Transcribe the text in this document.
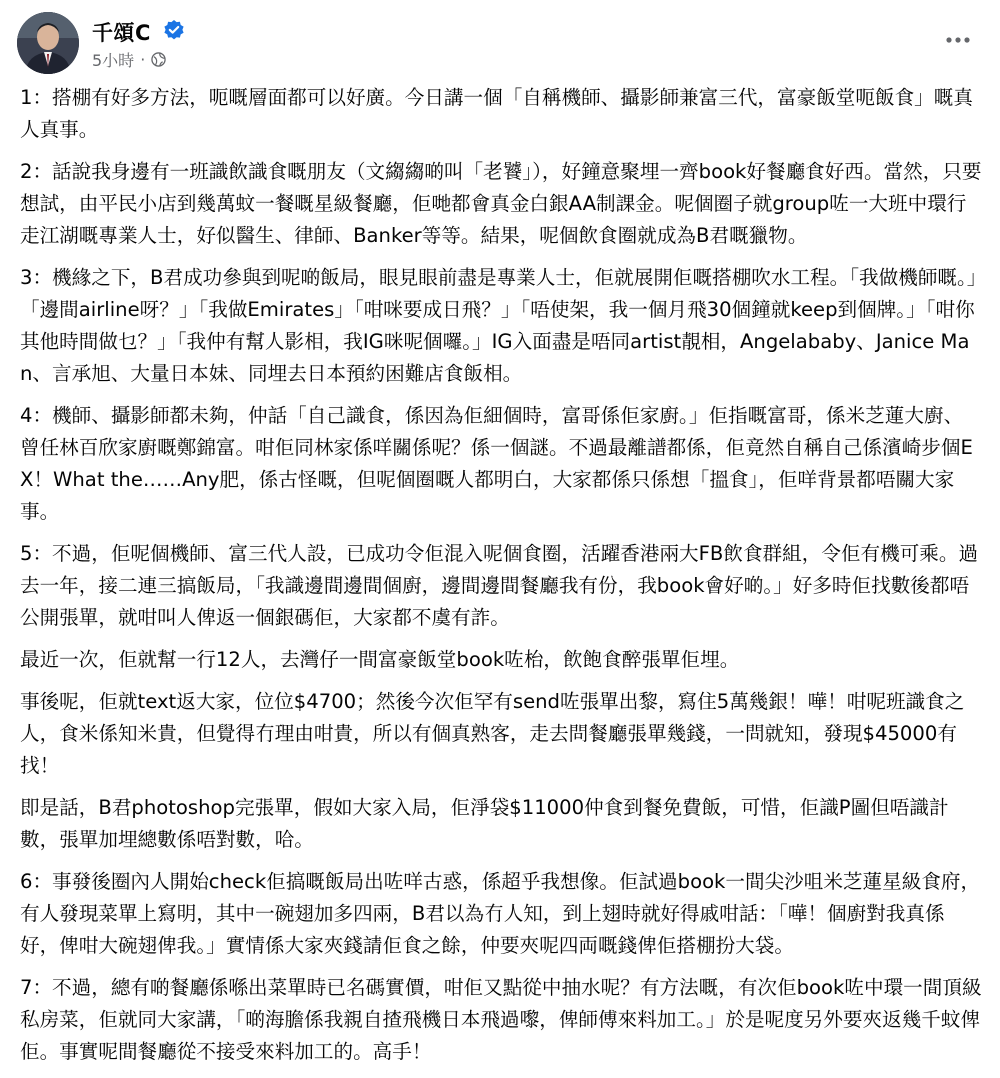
千頌C
5小時 ·

1：搭棚有好多方法，呃嘅層面都可以好廣。今日講一個「自稱機師、攝影師兼富三代，富豪飯堂呃飯食」嘅真人真事。

2：話說我身邊有一班識飲識食嘅朋友（文縐縐啲叫「老饕」），好鐘意聚埋一齊book好餐廳食好西。當然，只要想試，由平民小店到幾萬蚊一餐嘅星級餐廳，佢哋都會真金白銀AA制課金。呢個圈子就group咗一大班中環行走江湖嘅專業人士，好似醫生、律師、Banker等等。結果，呢個飲食圈就成為B君嘅獵物。

3：機緣之下，B君成功參與到呢啲飯局，眼見眼前盡是專業人士，佢就展開佢嘅搭棚吹水工程。「我做機師嘅。」「邊間airline呀？」「我做Emirates」「咁咪要成日飛？」「唔使架，我一個月飛30個鐘就keep到個牌。」「咁你其他時間做乜？」「我仲有幫人影相，我IG咪呢個囉。」IG入面盡是唔同artist靚相，Angelababy、Janice Man、言承旭、大量日本妹、同埋去日本預約困難店食飯相。

4：機師、攝影師都未夠，仲話「自己識食，係因為佢細個時，富哥係佢家廚。」佢指嘅富哥，係米芝蓮大廚、曾任林百欣家廚嘅鄭錦富。咁佢同林家係咩關係呢？係一個謎。不過最離譜都係，佢竟然自稱自己係濱崎步個EX！What the……Any肥，係古怪嘅，但呢個圈嘅人都明白，大家都係只係想「搵食」，佢咩背景都唔關大家事。

5：不過，佢呢個機師、富三代人設，已成功令佢混入呢個食圈，活躍香港兩大FB飲食群組，令佢有機可乘。過去一年，接二連三搞飯局，「我識邊間邊間個廚，邊間邊間餐廳我有份，我book會好啲。」好多時佢找數後都唔公開張單，就咁叫人俾返一個銀碼佢，大家都不虞有詐。

最近一次，佢就幫一行12人，去灣仔一間富豪飯堂book咗枱，飲飽食醉張單佢埋。

事後呢，佢就text返大家，位位$4700；然後今次佢罕有send咗張單出黎，寫住5萬幾銀！嘩！咁呢班識食之人，食米係知米貴，但覺得冇理由咁貴，所以有個真熟客，走去問餐廳張單幾錢，一問就知，發現$45000有找！

即是話，B君photoshop完張單，假如大家入局，佢淨袋$11000仲食到餐免費飯，可惜，佢識P圖但唔識計數，張單加埋總數係唔對數，哈。

6：事發後圈內人開始check佢搞嘅飯局出咗咩古惑，係超乎我想像。佢試過book一間尖沙咀米芝蓮星級食府，有人發現菜單上寫明，其中一碗翅加多四兩，B君以為冇人知，到上翅時就好得戚咁話：「嘩！個廚對我真係好，俾咁大碗翅俾我。」實情係大家夾錢請佢食之餘，仲要夾呢四両嘅錢俾佢搭棚扮大袋。

7：不過，總有啲餐廳係喺出菜單時已名碼實價，咁佢又點從中抽水呢？有方法嘅，有次佢book咗中環一間頂級私房菜，佢就同大家講，「啲海膽係我親自揸飛機日本飛過嚟，俾師傅來料加工。」於是呢度另外要夾返幾千蚊俾佢。事實呢間餐廳從不接受來料加工的。高手！
